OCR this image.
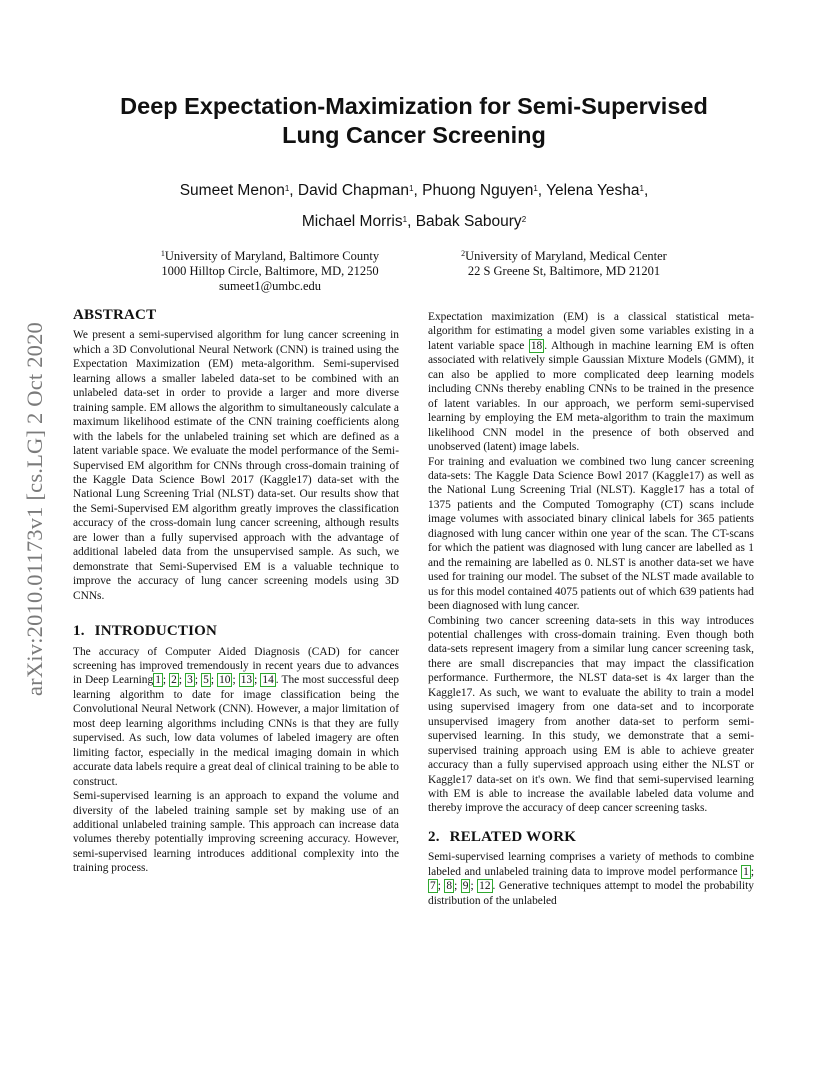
arXiv:2010.01173v1 [cs.LG] 2 Oct 2020
Deep Expectation-Maximization for Semi-Supervised
Lung Cancer Screening
Sumeet Menon$^1$, David Chapman$^1$, Phuong Nguyen$^1$, Yelena Yesha$^1$,
Michael Morris$^1$, Babak Saboury$^2$
$^1$University of Maryland, Baltimore County
1000 Hilltop Circle, Baltimore, MD, 21250
sumeet1@umbc.edu
$^2$University of Maryland, Medical Center
22 S Greene St, Baltimore, MD 21201
ABSTRACT

We present a semi-supervised algorithm for lung cancer screening in which a 3D Convolutional Neural Network (CNN) is trained using the Expectation Maximization (EM) meta-algorithm. Semi-supervised learning allows a smaller labeled data-set to be combined with an unlabeled data-set in order to provide a larger and more diverse training sample. EM allows the algorithm to simultaneously calculate a maximum likelihood estimate of the CNN training coefficients along with the labels for the unlabeled training set which are defined as a latent variable space. We evaluate the model performance of the Semi-Supervised EM algorithm for CNNs through cross-domain training of the Kaggle Data Science Bowl 2017 (Kaggle17) data-set with the National Lung Screening Trial (NLST) data-set. Our results show that the Semi-Supervised EM algorithm greatly improves the classification accuracy of the cross-domain lung cancer screening, although results are lower than a fully supervised approach with the advantage of additional labeled data from the unsupervised sample. As such, we demonstrate that Semi-Supervised EM is a valuable technique to improve the accuracy of lung cancer screening models using 3D CNNs.

1. INTRODUCTION

The accuracy of Computer Aided Diagnosis (CAD) for cancer screening has improved tremendously in recent years due to advances in Deep Learning 1 ; 2 ; 3 ; 5 ; 10 ; 13 ; 14 . The most successful deep learning algorithm to date for image classification being the Convolutional Neural Network (CNN). However, a major limitation of most deep learning algorithms including CNNs is that they are fully supervised. As such, low data volumes of labeled imagery are often limiting factor, especially in the medical imaging domain in which accurate data labels require a great deal of clinical training to be able to construct.

Semi-supervised learning is an approach to expand the volume and diversity of the labeled training sample set by making use of an additional unlabeled training sample. This approach can increase data volumes thereby potentially improving screening accuracy. However, semi-supervised learning introduces additional complexity into the training process.

Expectation maximization (EM) is a classical statistical meta-algorithm for estimating a model given some variables existing in a latent variable space 18 . Although in machine learning EM is often associated with relatively simple Gaussian Mixture Models (GMM), it can also be applied to more complicated deep learning models including CNNs thereby enabling CNNs to be trained in the presence of latent variables. In our approach, we perform semi-supervised learning by employing the EM meta-algorithm to train the maximum likelihood CNN model in the presence of both observed and unobserved (latent) image labels.

For training and evaluation we combined two lung cancer screening data-sets: The Kaggle Data Science Bowl 2017 (Kaggle17) as well as the National Lung Screening Trial (NLST). Kaggle17 has a total of 1375 patients and the Computed Tomography (CT) scans include image volumes with associated binary clinical labels for 365 patients diagnosed with lung cancer within one year of the scan. The CT-scans for which the patient was diagnosed with lung cancer are labelled as 1 and the remaining are labelled as 0. NLST is another data-set we have used for training our model. The subset of the NLST made available to us for this model contained 4075 patients out of which 639 patients had been diagnosed with lung cancer.

Combining two cancer screening data-sets in this way introduces potential challenges with cross-domain training. Even though both data-sets represent imagery from a similar lung cancer screening task, there are small discrepancies that may impact the classification performance. Furthermore, the NLST data-set is 4x larger than the Kaggle17. As such, we want to evaluate the ability to train a model using supervised imagery from one data-set and to incorporate unsupervised imagery from another data-set to perform semi-supervised learning. In this study, we demonstrate that a semi-supervised training approach using EM is able to achieve greater accuracy than a fully supervised approach using either the NLST or Kaggle17 data-set on it's own. We find that semi-supervised learning with EM is able to increase the available labeled data volume and thereby improve the accuracy of deep cancer screening tasks.

2. RELATED WORK

Semi-supervised learning comprises a variety of methods to combine labeled and unlabeled training data to improve model performance 1 ; 7 ; 8 ; 9 ; 12 . Generative techniques attempt to model the probability distribution of the unlabeled
